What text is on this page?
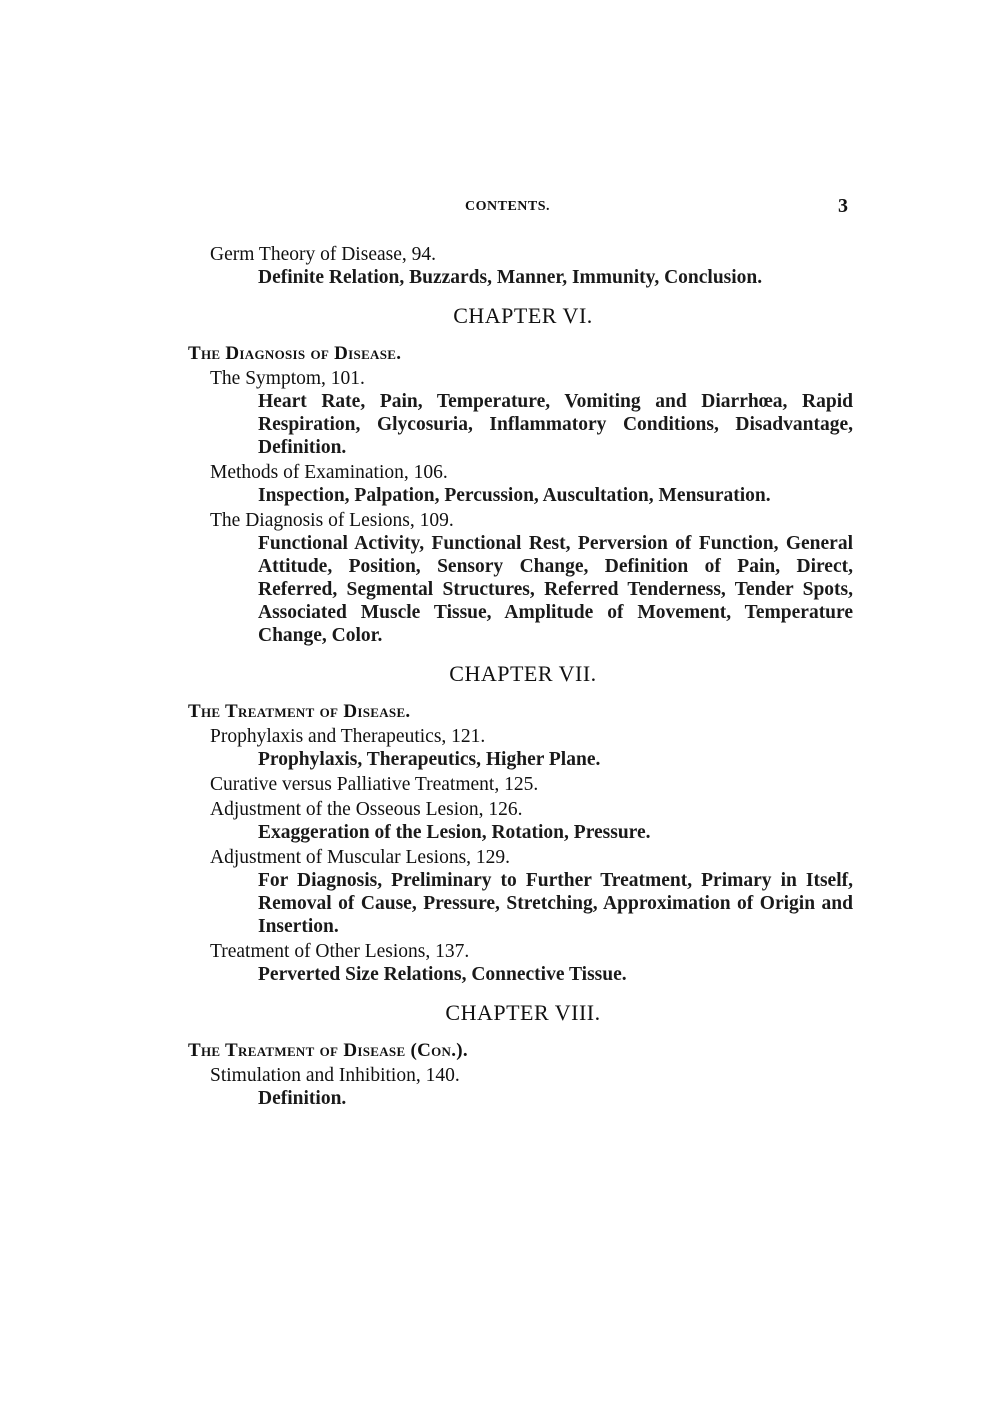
CONTENTS.	3

Germ Theory of Disease, 94.

Definite Relation, Buzzards, Manner, Immunity, Conclusion.

CHAPTER VI.

The Diagnosis of Disease.

The Symptom, 101.

Heart Rate, Pain, Temperature, Vomiting and Diarrhœa, Rapid Respiration, Glycosuria, Inflammatory Conditions, Disadvantage, Definition.

Methods of Examination, 106.

Inspection, Palpation, Percussion, Auscultation, Mensuration.

The Diagnosis of Lesions, 109.

Functional Activity, Functional Rest, Perversion of Function, General Attitude, Position, Sensory Change, Definition of Pain, Direct, Referred, Segmental Structures, Referred Tenderness, Tender Spots, Associated Muscle Tissue, Amplitude of Movement, Temperature Change, Color.

CHAPTER VII.

The Treatment of Disease.

Prophylaxis and Therapeutics, 121.

Prophylaxis, Therapeutics, Higher Plane.

Curative versus Palliative Treatment, 125.

Adjustment of the Osseous Lesion, 126.

Exaggeration of the Lesion, Rotation, Pressure.

Adjustment of Muscular Lesions, 129.

For Diagnosis, Preliminary to Further Treatment, Primary in Itself, Removal of Cause, Pressure, Stretching, Approximation of Origin and Insertion.

Treatment of Other Lesions, 137.

Perverted Size Relations, Connective Tissue.

CHAPTER VIII.

The Treatment of Disease (Con.).

Stimulation and Inhibition, 140.

Definition.
